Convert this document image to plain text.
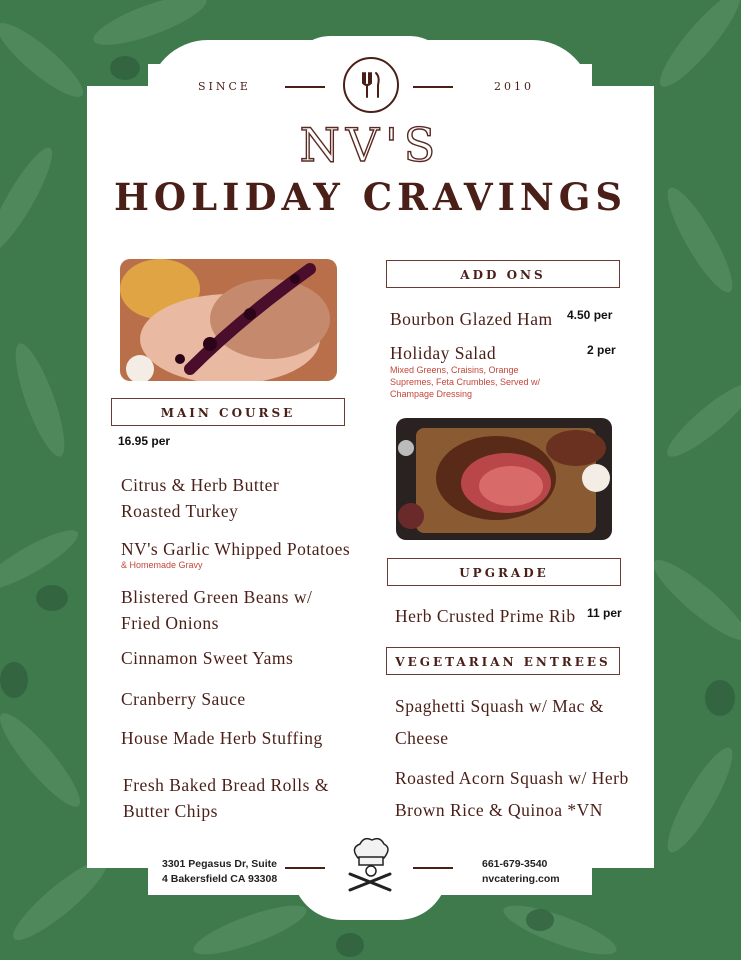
SINCE	2010
NV'S
HOLIDAY CRAVINGS
MAIN COURSE
16.95 per
Citrus & Herb Butter
Roasted Turkey
NV's Garlic Whipped Potatoes
& Homemade Gravy
Blistered Green Beans w/
Fried Onions
Cinnamon Sweet Yams
Cranberry Sauce
House Made Herb Stuffing
Fresh Baked Bread Rolls &
Butter Chips
ADD ONS
Bourbon Glazed Ham 4.50 per
Holiday Salad	2 per
Mixed Greens, Craisins, Orange
Supremes, Feta Crumbles, Served w/
Champage Dressing
UPGRADE
Herb Crusted Prime Rib 11 per
VEGETARIAN ENTREES
Spaghetti Squash w/ Mac &
Cheese
Roasted Acorn Squash w/ Herb
Brown Rice & Quinoa *VN
3301 Pegasus Dr, Suite
4 Bakersfield CA 93308
661-679-3540
nvcatering.com
